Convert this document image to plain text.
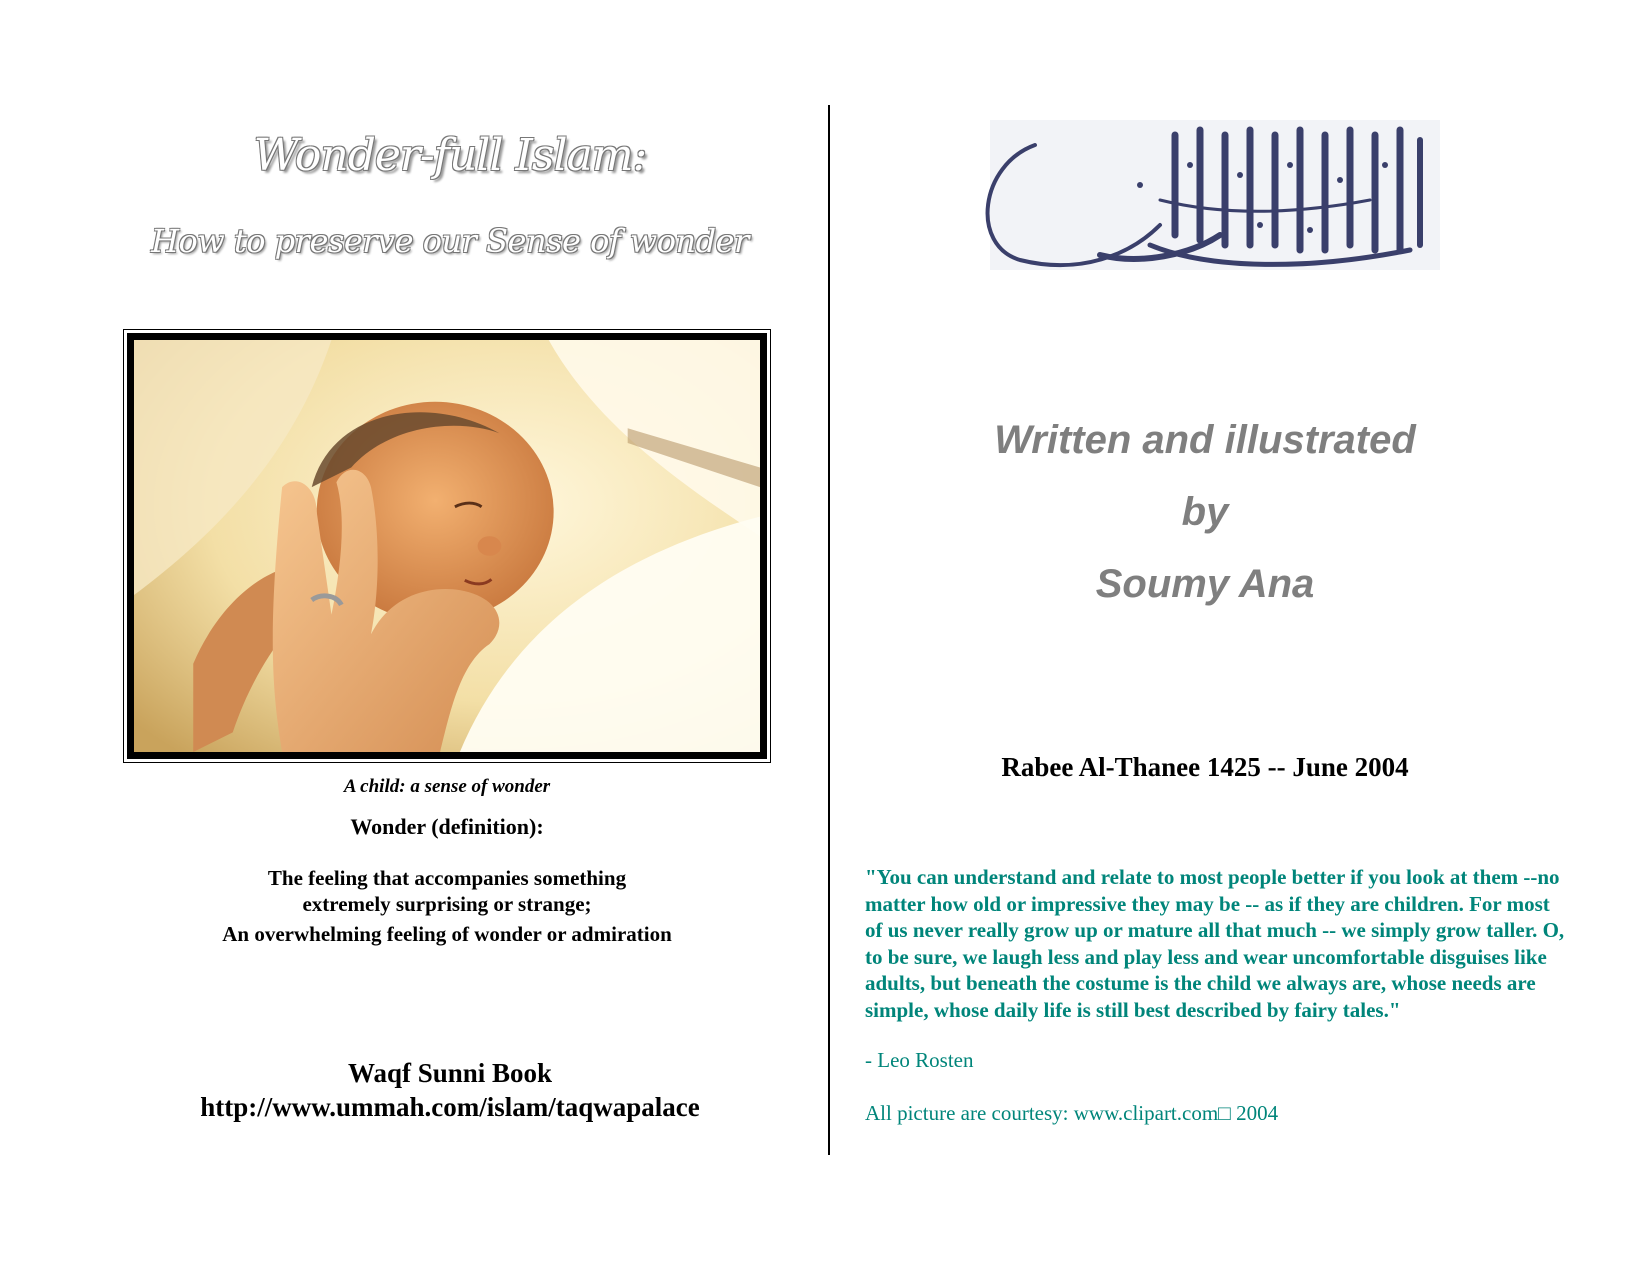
Wonder-full Islam:
How to preserve our Sense of wonder
A child: a sense of wonder
Wonder (definition):
The feeling that accompanies something
extremely surprising or strange;
An overwhelming feeling of wonder or admiration
Waqf Sunni Book
http://www.ummah.com/islam/taqwapalace
Written and illustrated
by
Soumy Ana
Rabee Al-Thanee 1425 -- June 2004
"You can understand and relate to most people better if you look at them --no matter how old or impressive they may be -- as if they are children. For most of us never really grow up or mature all that much -- we simply grow taller. O, to be sure, we laugh less and play less and wear uncomfortable disguises like adults, but beneath the costume is the child we always are, whose needs are simple, whose daily life is still best described by fairy tales."
- Leo Rosten
All picture are courtesy: www.clipart.com□ 2004
